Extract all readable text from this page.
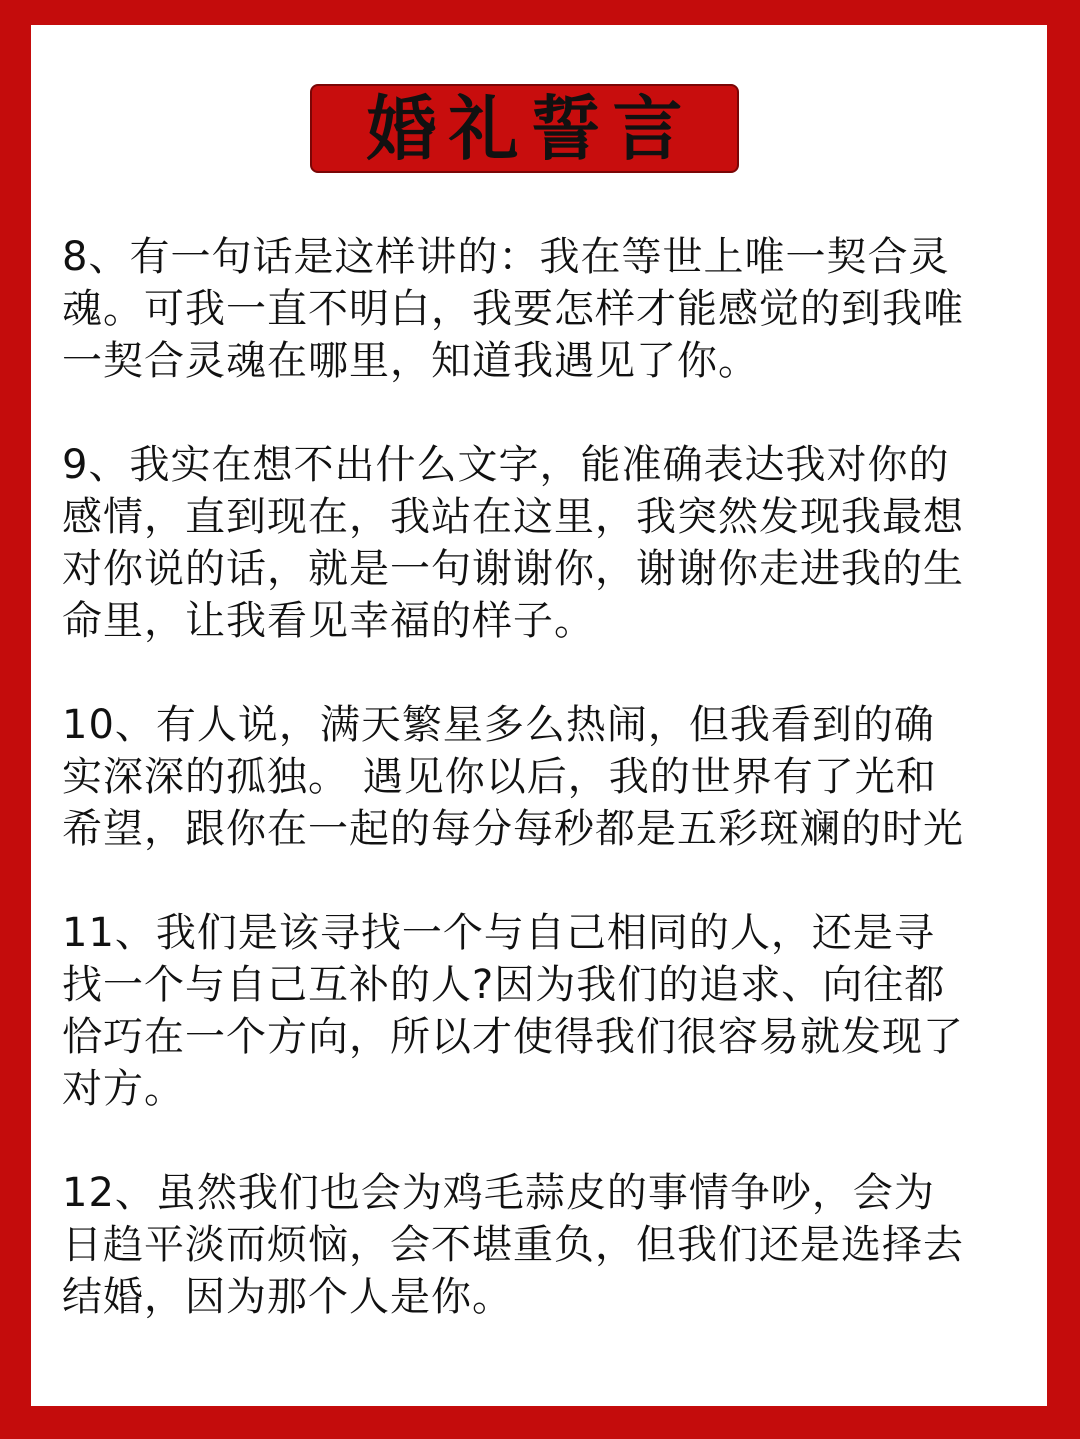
婚礼誓言
8、有一句话是这样讲的：我在等世上唯一契合灵
魂。可我一直不明白，我要怎样才能感觉的到我唯
一契合灵魂在哪里，知道我遇见了你。
9、我实在想不出什么文字，能准确表达我对你的
感情，直到现在，我站在这里，我突然发现我最想
对你说的话，就是一句谢谢你，谢谢你走进我的生
命里，让我看见幸福的样子。
10、有人说，满天繁星多么热闹，但我看到的确
实深深的孤独。 遇见你以后，我的世界有了光和
希望，跟你在一起的每分每秒都是五彩斑斓的时光
11、我们是该寻找一个与自己相同的人，还是寻
找一个与自己互补的人?因为我们的追求、向往都
恰巧在一个方向，所以才使得我们很容易就发现了
对方。
12、虽然我们也会为鸡毛蒜皮的事情争吵，会为
日趋平淡而烦恼，会不堪重负，但我们还是选择去
结婚，因为那个人是你。
